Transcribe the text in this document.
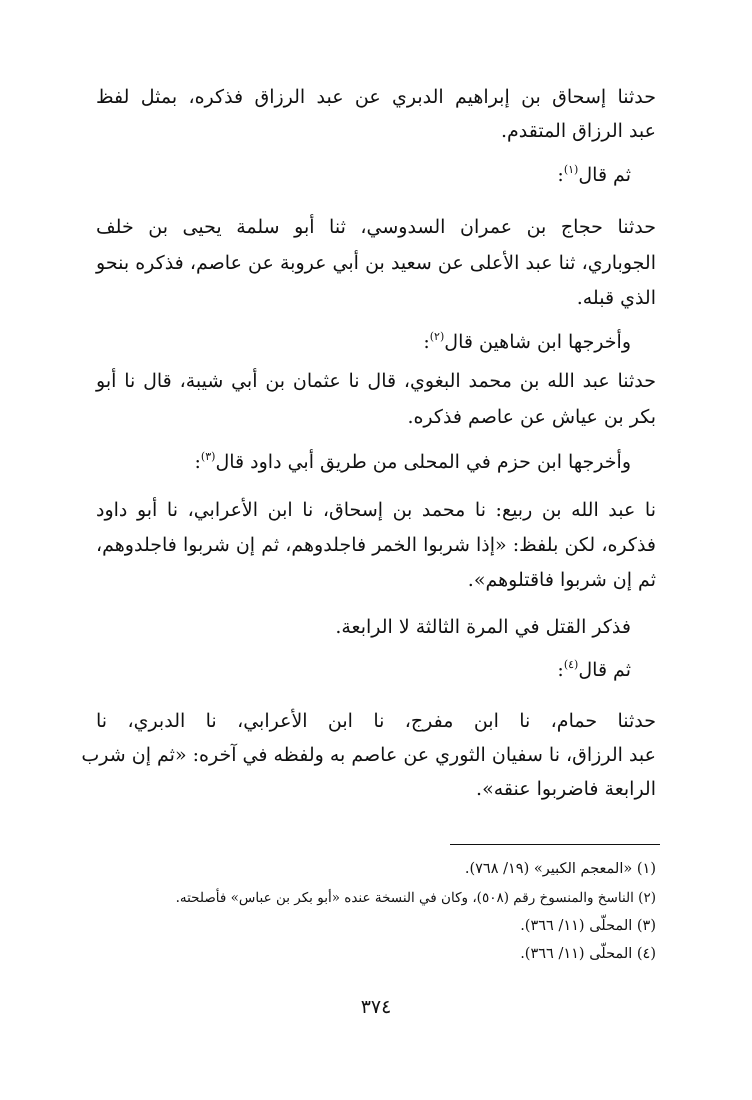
حدثنا إسحاق بن إبراهيم الدبري عن عبد الرزاق فذكره، بمثل لفظ
عبد الرزاق المتقدم.
ثم قال$^{(١)}$:
حدثنا حجاج بن عمران السدوسي، ثنا أبو سلمة يحيى بن خلف
الجوباري، ثنا عبد الأعلى عن سعيد بن أبي عروبة عن عاصم، فذكره بنحو
الذي قبله.
وأخرجها ابن شاهين قال$^{(٢)}$:
حدثنا عبد الله بن محمد البغوي، قال نا عثمان بن أبي شيبة، قال نا أبو
بكر بن عياش عن عاصم فذكره.
وأخرجها ابن حزم في المحلى من طريق أبي داود قال$^{(٣)}$:
نا عبد الله بن ربيع: نا محمد بن إسحاق، نا ابن الأعرابي، نا أبو داود
فذكره، لكن بلفظ: «إذا شربوا الخمر فاجلدوهم، ثم إن شربوا فاجلدوهم،
ثم إن شربوا فاقتلوهم».
فذكر القتل في المرة الثالثة لا الرابعة.
ثم قال$^{(٤)}$:
حدثنا حمام، نا ابن مفرج، نا ابن الأعرابي، نا الدبري، نا
عبد الرزاق، نا سفيان الثوري عن عاصم به ولفظه في آخره: «ثم إن شرب
الرابعة فاضربوا عنقه».
(١) «المعجم الكبير» (١٩/ ٧٦٨).
(٢) الناسخ والمنسوخ رقم (٥٠٨)، وكان في النسخة عنده «أبو بكر بن عباس» فأصلحته.
(٣) المحلّى (١١/ ٣٦٦).
(٤) المحلّى (١١/ ٣٦٦).
٣٧٤
